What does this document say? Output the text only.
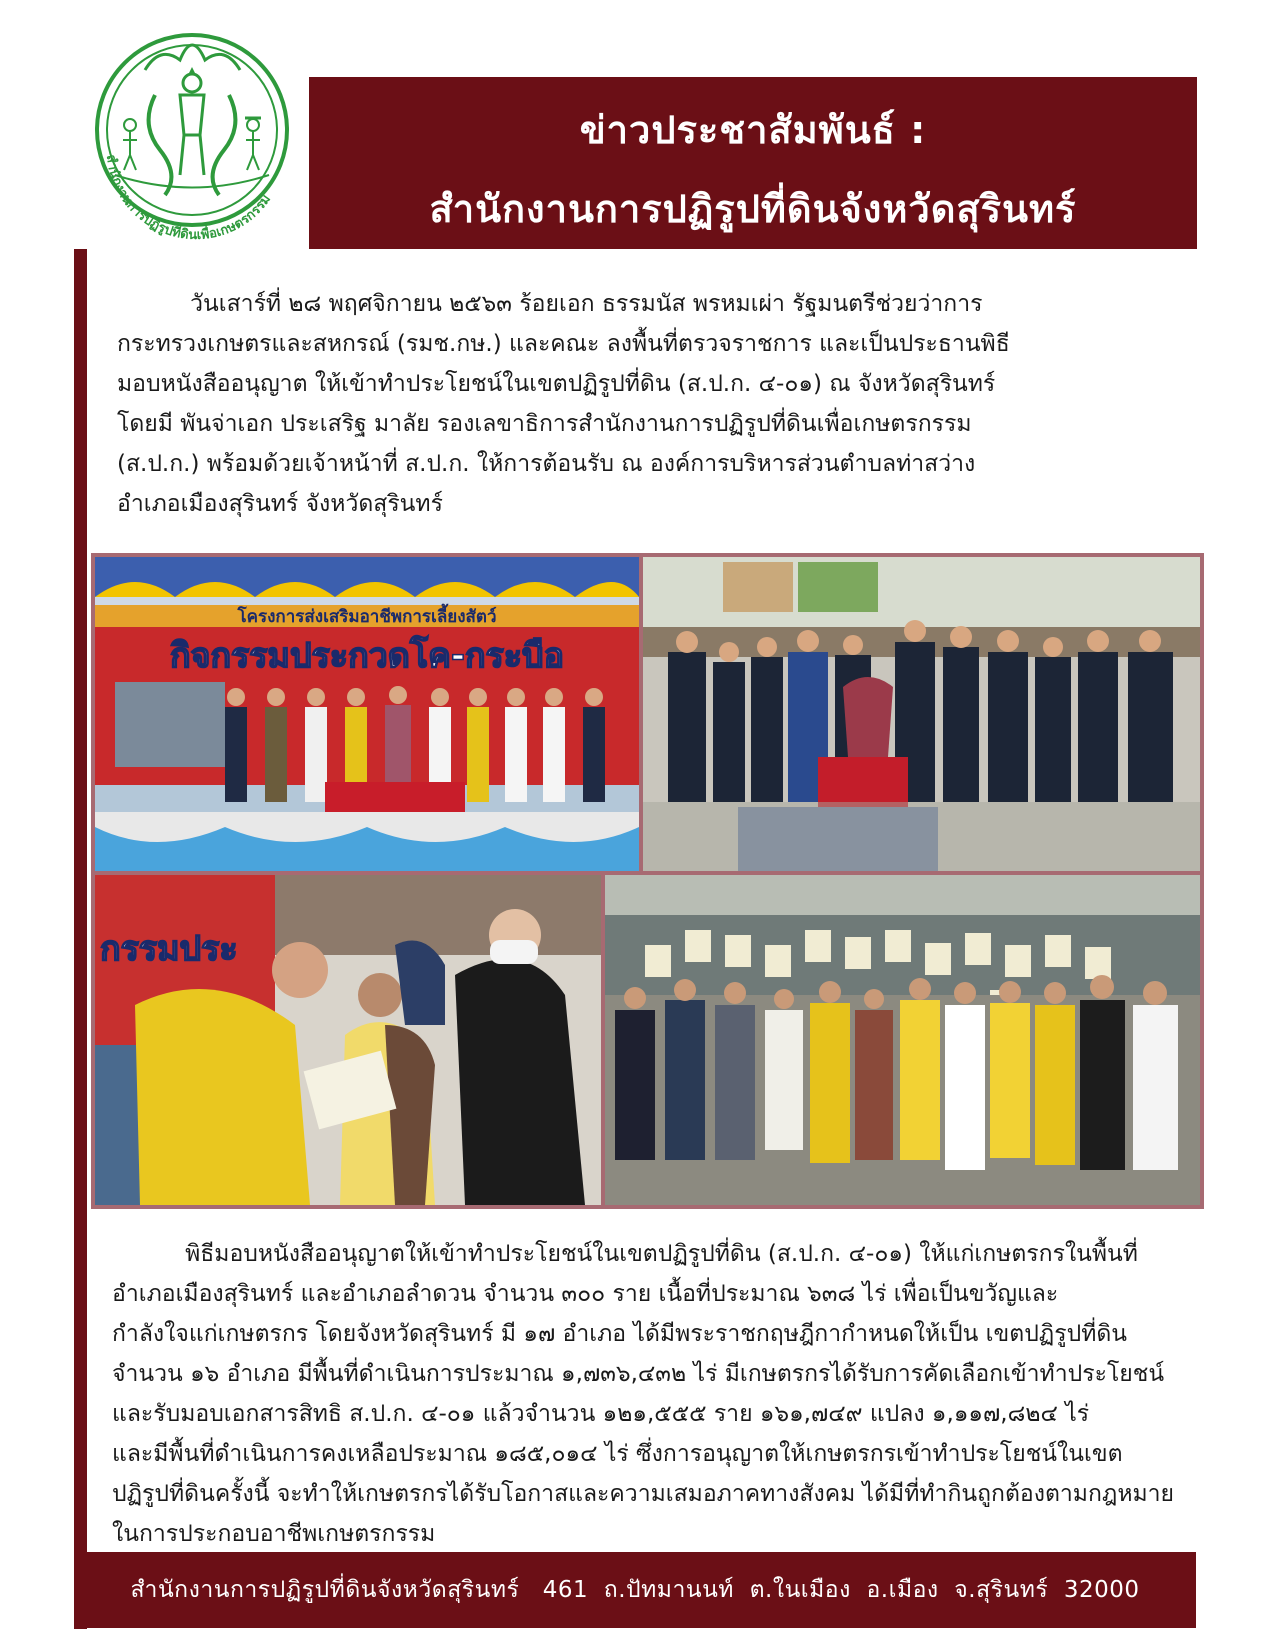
สำนักงานการปฏิรูปที่ดินเพื่อเกษตรกรรม
ข่าวประชาสัมพันธ์ :
สำนักงานการปฏิรูปที่ดินจังหวัดสุรินทร์
วันเสาร์ที่ ๒๘ พฤศจิกายน ๒๕๖๓ ร้อยเอก ธรรมนัส พรหมเผ่า รัฐมนตรีช่วยว่าการ
กระทรวงเกษตรและสหกรณ์ (รมช.กษ.) และคณะ ลงพื้นที่ตรวจราชการ และเป็นประธานพิธี
มอบหนังสืออนุญาต ให้เข้าทำประโยชน์ในเขตปฏิรูปที่ดิน (ส.ป.ก. ๔-๐๑) ณ จังหวัดสุรินทร์
โดยมี พันจ่าเอก ประเสริฐ มาลัย รองเลขาธิการสำนักงานการปฏิรูปที่ดินเพื่อเกษตรกรรม
(ส.ป.ก.) พร้อมด้วยเจ้าหน้าที่ ส.ป.ก. ให้การต้อนรับ ณ องค์การบริหารส่วนตำบลท่าสว่าง
อำเภอเมืองสุรินทร์ จังหวัดสุรินทร์
โครงการส่งเสริมอาชีพการเลี้ยงสัตว์
กิจกรรมประกวดโค-กระบือ
กรรมประ
พิธีมอบหนังสืออนุญาตให้เข้าทำประโยชน์ในเขตปฏิรูปที่ดิน (ส.ป.ก. ๔-๐๑) ให้แก่เกษตรกรในพื้นที่
อำเภอเมืองสุรินทร์ และอำเภอลำดวน จำนวน ๓๐๐ ราย เนื้อที่ประมาณ ๖๓๘ ไร่ เพื่อเป็นขวัญและ
กำลังใจแก่เกษตรกร โดยจังหวัดสุรินทร์ มี ๑๗ อำเภอ ได้มีพระราชกฤษฎีกากำหนดให้เป็น เขตปฏิรูปที่ดิน
จำนวน ๑๖ อำเภอ มีพื้นที่ดำเนินการประมาณ ๑,๗๓๖,๔๓๒ ไร่ มีเกษตรกรได้รับการคัดเลือกเข้าทำประโยชน์
และรับมอบเอกสารสิทธิ ส.ป.ก. ๔-๐๑ แล้วจำนวน ๑๒๑,๕๕๕ ราย ๑๖๑,๗๔๙ แปลง ๑,๑๑๗,๘๒๔ ไร่
และมีพื้นที่ดำเนินการคงเหลือประมาณ ๑๘๕,๐๑๔ ไร่ ซึ่งการอนุญาตให้เกษตรกรเข้าทำประโยชน์ในเขต
ปฏิรูปที่ดินครั้งนี้ จะทำให้เกษตรกรได้รับโอกาสและความเสมอภาคทางสังคม ได้มีที่ทำกินถูกต้องตามกฎหมาย
ในการประกอบอาชีพเกษตรกรรม
สำนักงานการปฏิรูปที่ดินจังหวัดสุรินทร์   461  ถ.ปัทมานนท์  ต.ในเมือง  อ.เมือง  จ.สุรินทร์  32000
